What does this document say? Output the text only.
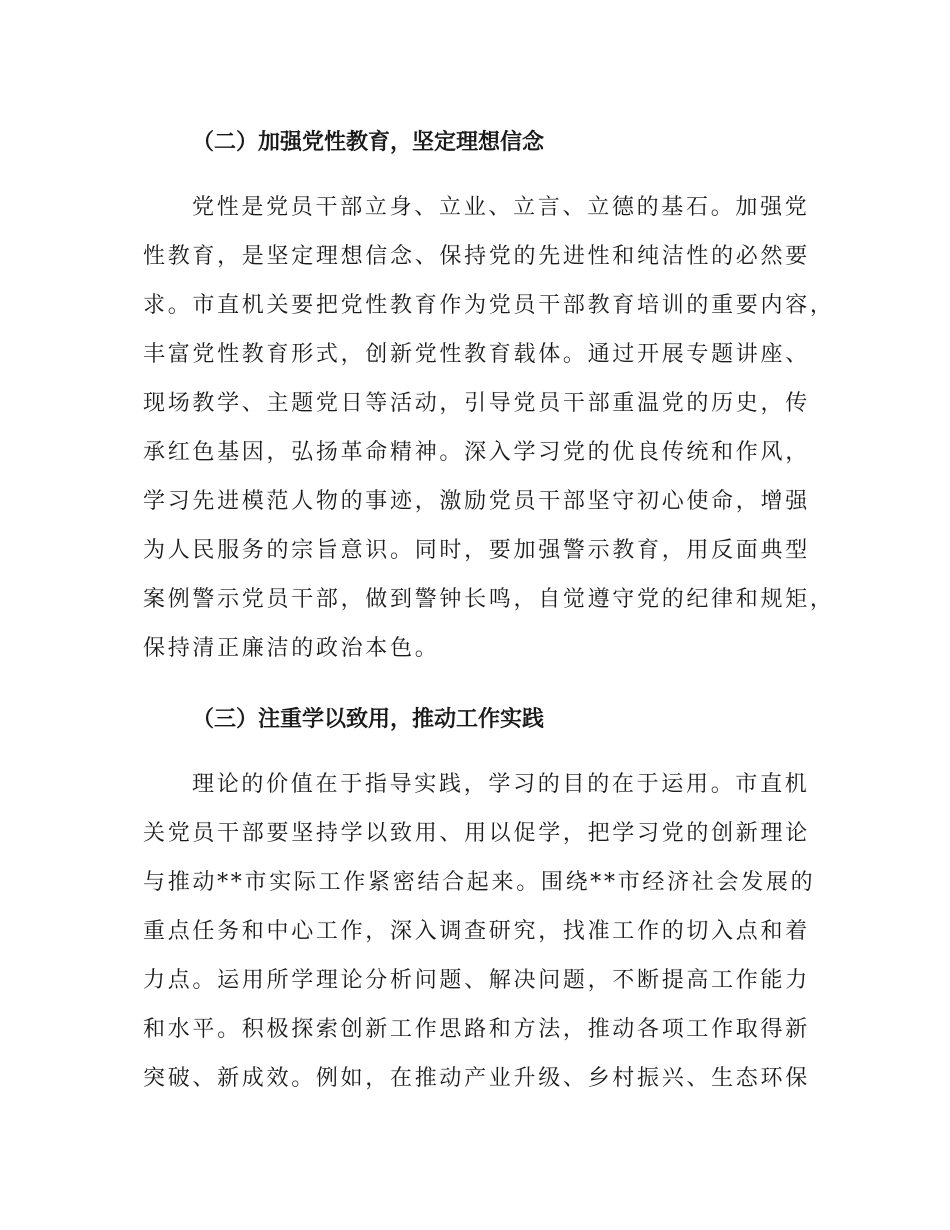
（二）加强党性教育，坚定理想信念

党性是党员干部立身、立业、立言、立德的基石。加强党

性教育，是坚定理想信念、保持党的先进性和纯洁性的必然要

求。市直机关要把党性教育作为党员干部教育培训的重要内容，

丰富党性教育形式，创新党性教育载体。通过开展专题讲座、

现场教学、主题党日等活动，引导党员干部重温党的历史，传

承红色基因，弘扬革命精神。深入学习党的优良传统和作风，

学习先进模范人物的事迹，激励党员干部坚守初心使命，增强

为人民服务的宗旨意识。同时，要加强警示教育，用反面典型

案例警示党员干部，做到警钟长鸣，自觉遵守党的纪律和规矩，

保持清正廉洁的政治本色。

（三）注重学以致用，推动工作实践

理论的价值在于指导实践，学习的目的在于运用。市直机

关党员干部要坚持学以致用、用以促学，把学习党的创新理论

与推动**市实际工作紧密结合起来。围绕**市经济社会发展的

重点任务和中心工作，深入调查研究，找准工作的切入点和着

力点。运用所学理论分析问题、解决问题，不断提高工作能力

和水平。积极探索创新工作思路和方法，推动各项工作取得新

突破、新成效。例如，在推动产业升级、乡村振兴、生态环保
